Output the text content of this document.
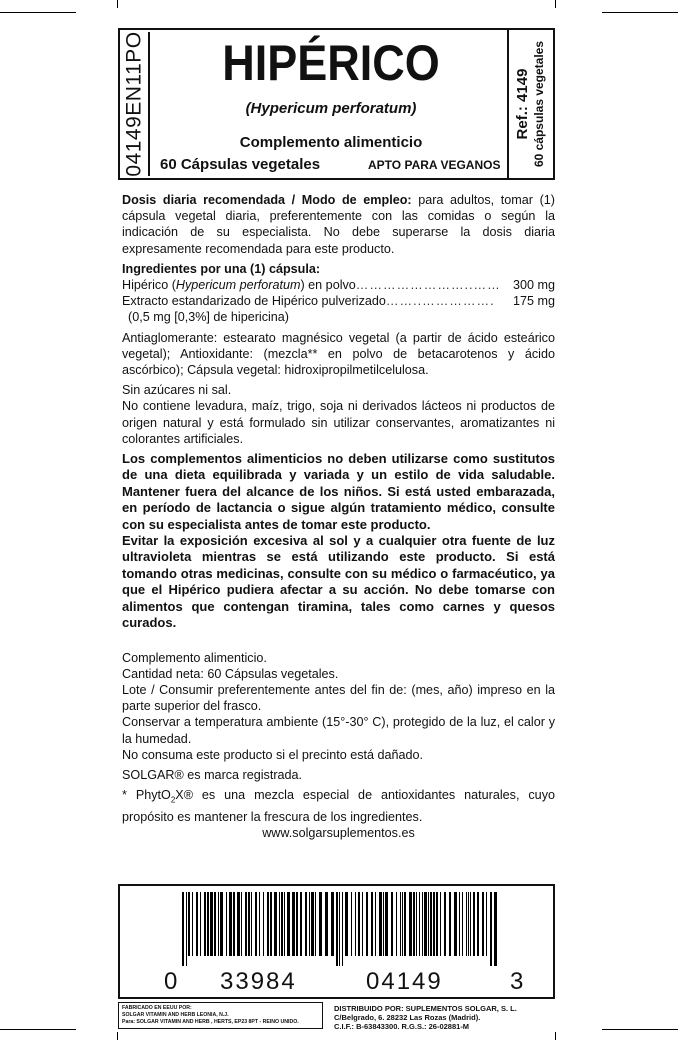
04149EN11PO	HIPÉRICO
(Hypericum perforatum)
Complemento alimenticio
60 Cápsulas vegetales	APTO PARA VEGANOS
Ref.: 4149 60 cápsulas vegetales

Dosis diaria recomendada / Modo de empleo: para adultos, tomar (1) cápsula vegetal diaria, preferentemente con las comidas o según la indicación de su especialista. No debe superarse la dosis diaria expresamente recomendada para este producto.

Ingredientes por una (1) cápsula:

Hipérico (Hypericum perforatum) en polvo ……………………..…… 300 mg
Extracto estandarizado de Hipérico pulverizado ……..…………….	175 mg

(0,5 mg [0,3%] de hipericina)

Antiaglomerante: estearato magnésico vegetal (a partir de ácido esteárico vegetal); Antioxidante: (mezcla** en polvo de betacarotenos y ácido ascórbico); Cápsula vegetal: hidroxipropilmetilcelulosa.

Sin azúcares ni sal.

No contiene levadura, maíz, trigo, soja ni derivados lácteos ni productos de origen natural y está formulado sin utilizar conservantes, aromatizantes ni colorantes artificiales.

Los complementos alimenticios no deben utilizarse como sustitutos de una dieta equilibrada y variada y un estilo de vida saludable. Mantener fuera del alcance de los niños. Si está usted embarazada, en período de lactancia o sigue algún tratamiento médico, consulte con su especialista antes de tomar este producto.

Evitar la exposición excesiva al sol y a cualquier otra fuente de luz ultravioleta mientras se está utilizando este producto. Si está tomando otras medicinas, consulte con su médico o farmacéutico, ya que el Hipérico pudiera afectar a su acción. No debe tomarse con alimentos que contengan tiramina, tales como carnes y quesos curados.

Complemento alimenticio.

Cantidad neta: 60 Cápsulas vegetales.

Lote / Consumir preferentemente antes del fin de: (mes, año) impreso en la parte superior del frasco.

Conservar a temperatura ambiente (15°-30° C), protegido de la luz, el calor y la humedad.

No consuma este producto si el precinto está dañado.

SOLGAR® es marca registrada.

* PhytO$_2$X® es una mezcla especial de antioxidantes naturales, cuyo propósito es mantener la frescura de los ingredientes.

www.solgarsuplementos.es

0 33984	04149	3
FABRICADO EN EEUU POR:
SOLGAR VITAMIN AND HERB LEONIA, N.J.
Para: SOLGAR VITAMIN AND HERB , HERTS, EP23 8PT - REINO UNIDO.
DISTRIBUIDO POR: SUPLEMENTOS SOLGAR, S. L.
C/Belgrado, 6. 28232 Las Rozas (Madrid).
C.I.F.: B-63843300. R.G.S.: 26-02881-M
